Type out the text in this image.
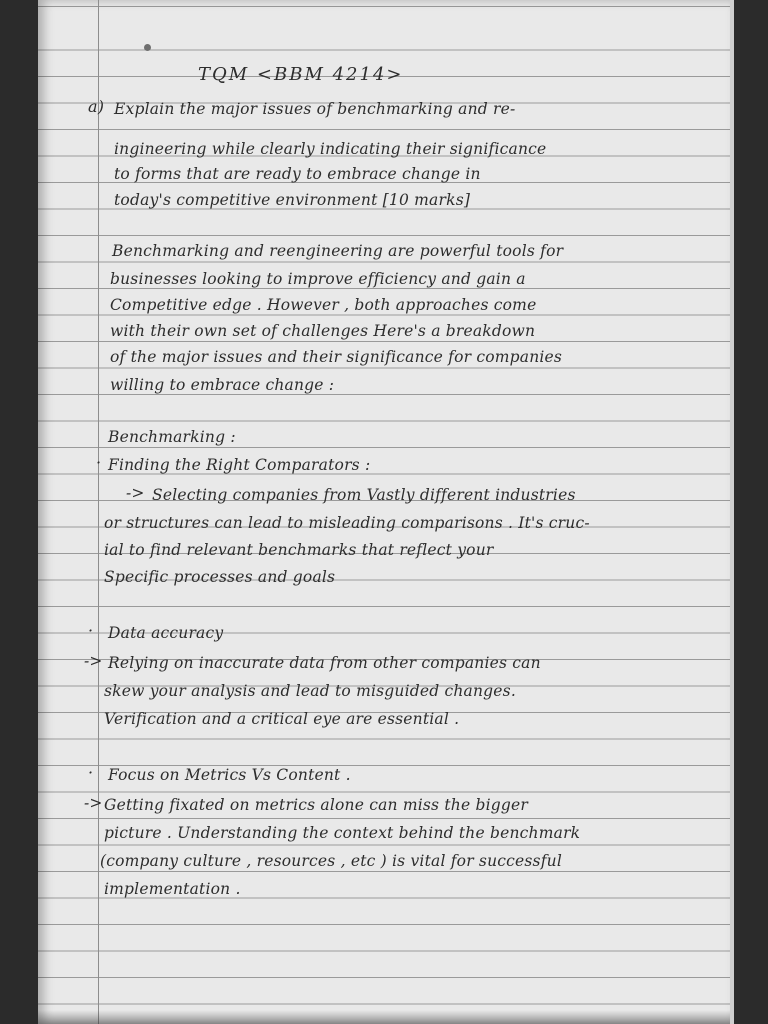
TQM <BBM 4214>

a) Explain the major issues of benchmarking and re-

ingineering while clearly indicating their significance

to forms that are ready to embrace change in

today's competitive environment [10 marks]

Benchmarking and reengineering are powerful tools for

businesses looking to improve efficiency and gain a

Competitive edge . However , both approaches come

with their own set of challenges Here's a breakdown

of the major issues and their significance for companies

willing to embrace change :

Benchmarking :

· Finding the Right Comparators :

-> Selecting companies from Vastly different industries

or structures can lead to misleading comparisons . It's cruc-

ial to find relevant benchmarks that reflect your

Specific processes and goals

· Data accuracy

-> Relying on inaccurate data from other companies can

skew your analysis and lead to misguided changes.

Verification and a critical eye are essential .

· Focus on Metrics Vs Content .

-> Getting fixated on metrics alone can miss the bigger

picture . Understanding the context behind the benchmark

(company culture , resources , etc ) is vital for successful

implementation .
